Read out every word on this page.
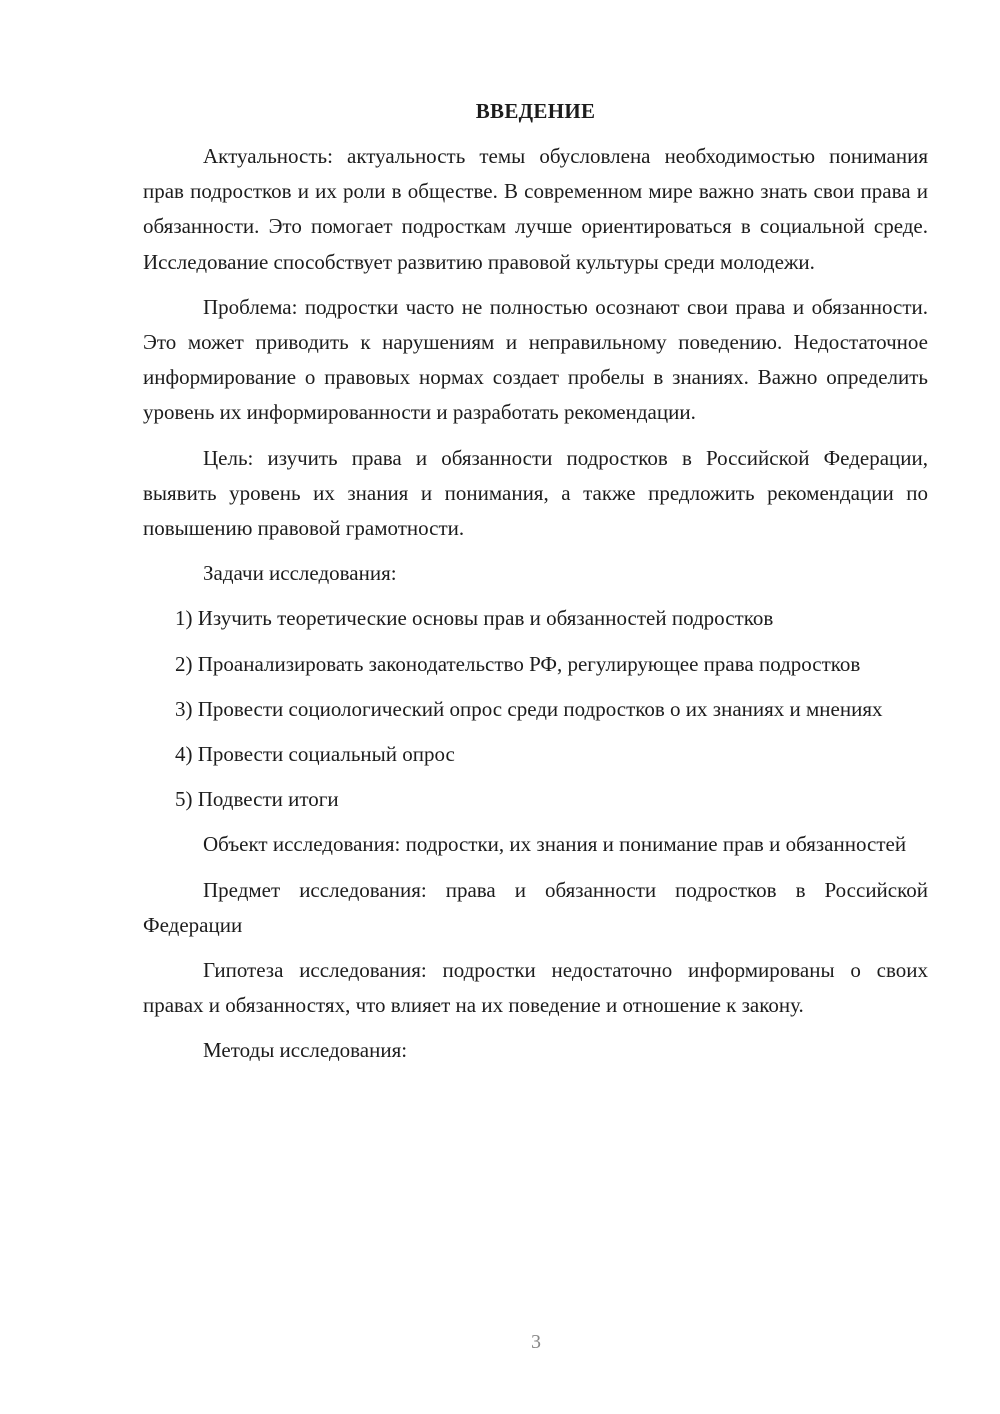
ВВЕДЕНИЕ

Актуальность: актуальность темы обусловлена необходимостью понимания прав подростков и их роли в обществе. В современном мире важно знать свои права и обязанности. Это помогает подросткам лучше ориентироваться в социальной среде. Исследование способствует развитию правовой культуры среди молодежи.

Проблема: подростки часто не полностью осознают свои права и обязанности. Это может приводить к нарушениям и неправильному поведению. Недостаточное информирование о правовых нормах создает пробелы в знаниях. Важно определить уровень их информированности и разработать рекомендации.

Цель: изучить права и обязанности подростков в Российской Федерации, выявить уровень их знания и понимания, а также предложить рекомендации по повышению правовой грамотности.

Задачи исследования:

1) Изучить теоретические основы прав и обязанностей подростков

2) Проанализировать законодательство РФ, регулирующее права подростков

3) Провести социологический опрос среди подростков о их знаниях и мнениях

4) Провести социальный опрос

5) Подвести итоги

Объект исследования: подростки, их знания и понимание прав и обязанностей

Предмет исследования: права и обязанности подростков в Российской Федерации

Гипотеза исследования: подростки недостаточно информированы о своих правах и обязанностях, что влияет на их поведение и отношение к закону.

Методы исследования:

3
